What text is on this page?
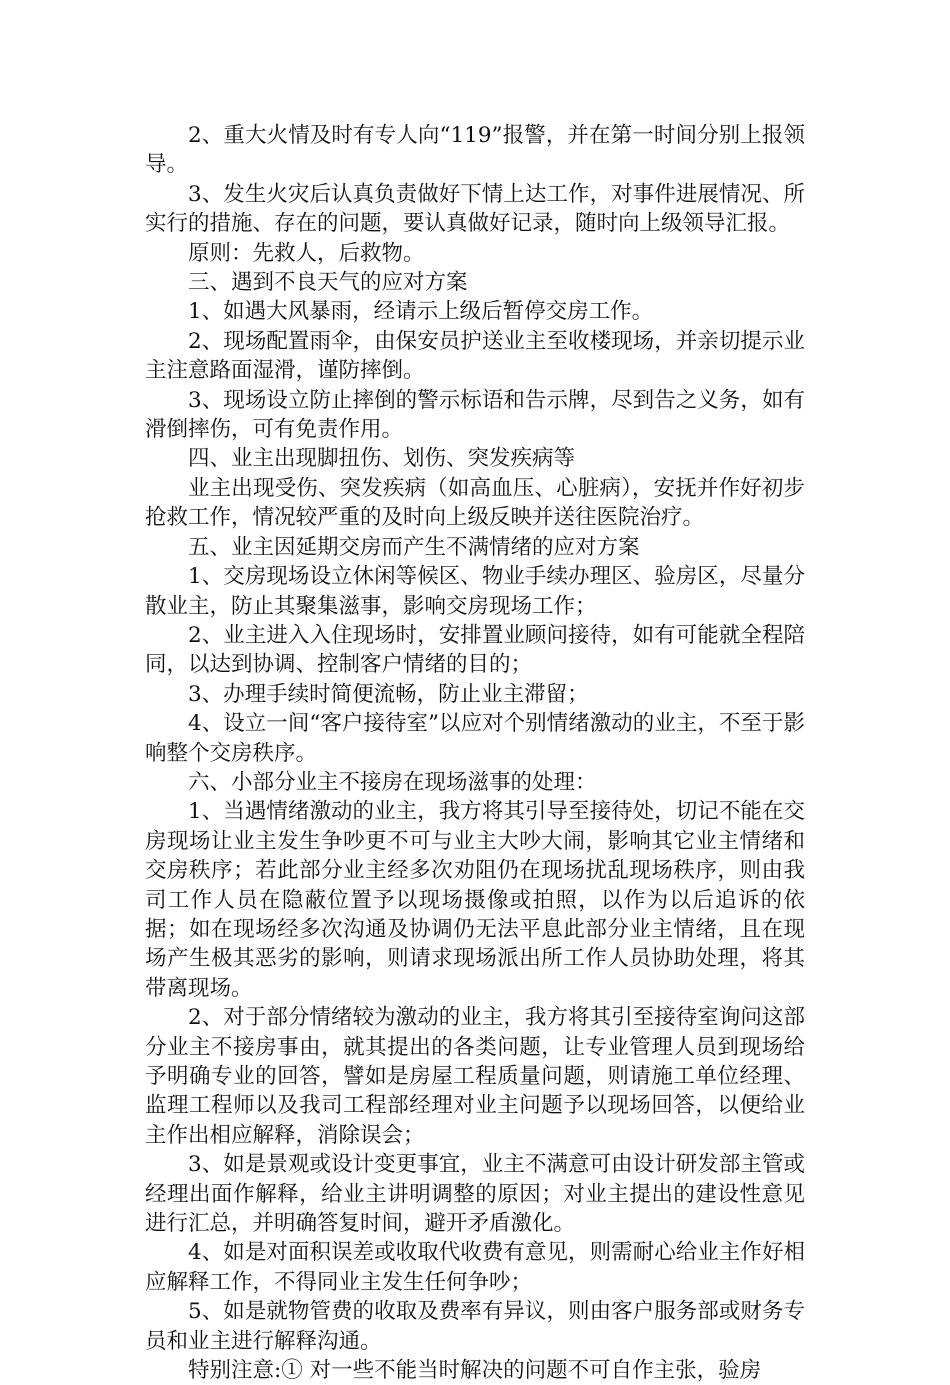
2、重大火情及时有专人向“119”报警，并在第一时间分别上报领导。

3、发生火灾后认真负责做好下情上达工作，对事件进展情况、所实行的措施、存在的问题，要认真做好记录，随时向上级领导汇报。

原则：先救人，后救物。

三、遇到不良天气的应对方案

1、如遇大风暴雨，经请示上级后暂停交房工作。

2、现场配置雨伞，由保安员护送业主至收楼现场，并亲切提示业主注意路面湿滑，谨防摔倒。

3、现场设立防止摔倒的警示标语和告示牌，尽到告之义务，如有滑倒摔伤，可有免责作用。

四、业主出现脚扭伤、划伤、突发疾病等

业主出现受伤、突发疾病（如高血压、心脏病），安抚并作好初步抢救工作，情况较严重的及时向上级反映并送往医院治疗。

五、业主因延期交房而产生不满情绪的应对方案

1、交房现场设立休闲等候区、物业手续办理区、验房区，尽量分散业主，防止其聚集滋事，影响交房现场工作；

2、业主进入入住现场时，安排置业顾问接待，如有可能就全程陪同，以达到协调、控制客户情绪的目的；

3、办理手续时简便流畅，防止业主滞留；

4、设立一间“客户接待室”以应对个别情绪激动的业主，不至于影响整个交房秩序。

六、小部分业主不接房在现场滋事的处理：

1、当遇情绪激动的业主，我方将其引导至接待处，切记不能在交房现场让业主发生争吵更不可与业主大吵大闹，影响其它业主情绪和交房秩序；若此部分业主经多次劝阻仍在现场扰乱现场秩序，则由我司工作人员在隐蔽位置予以现场摄像或拍照，以作为以后追诉的依据；如在现场经多次沟通及协调仍无法平息此部分业主情绪，且在现场产生极其恶劣的影响，则请求现场派出所工作人员协助处理，将其带离现场。

2、对于部分情绪较为激动的业主，我方将其引至接待室询问这部分业主不接房事由，就其提出的各类问题，让专业管理人员到现场给予明确专业的回答，譬如是房屋工程质量问题，则请施工单位经理、监理工程师以及我司工程部经理对业主问题予以现场回答，以便给业主作出相应解释，消除误会；

3、如是景观或设计变更事宜，业主不满意可由设计研发部主管或经理出面作解释，给业主讲明调整的原因；对业主提出的建设性意见进行汇总，并明确答复时间，避开矛盾激化。

4、如是对面积误差或收取代收费有意见，则需耐心给业主作好相应解释工作，不得同业主发生任何争吵；

5、如是就物管费的收取及费率有异议，则由客户服务部或财务专员和业主进行解释沟通。

特别注意:① 对一些不能当时解决的问题不可自作主张，验房
